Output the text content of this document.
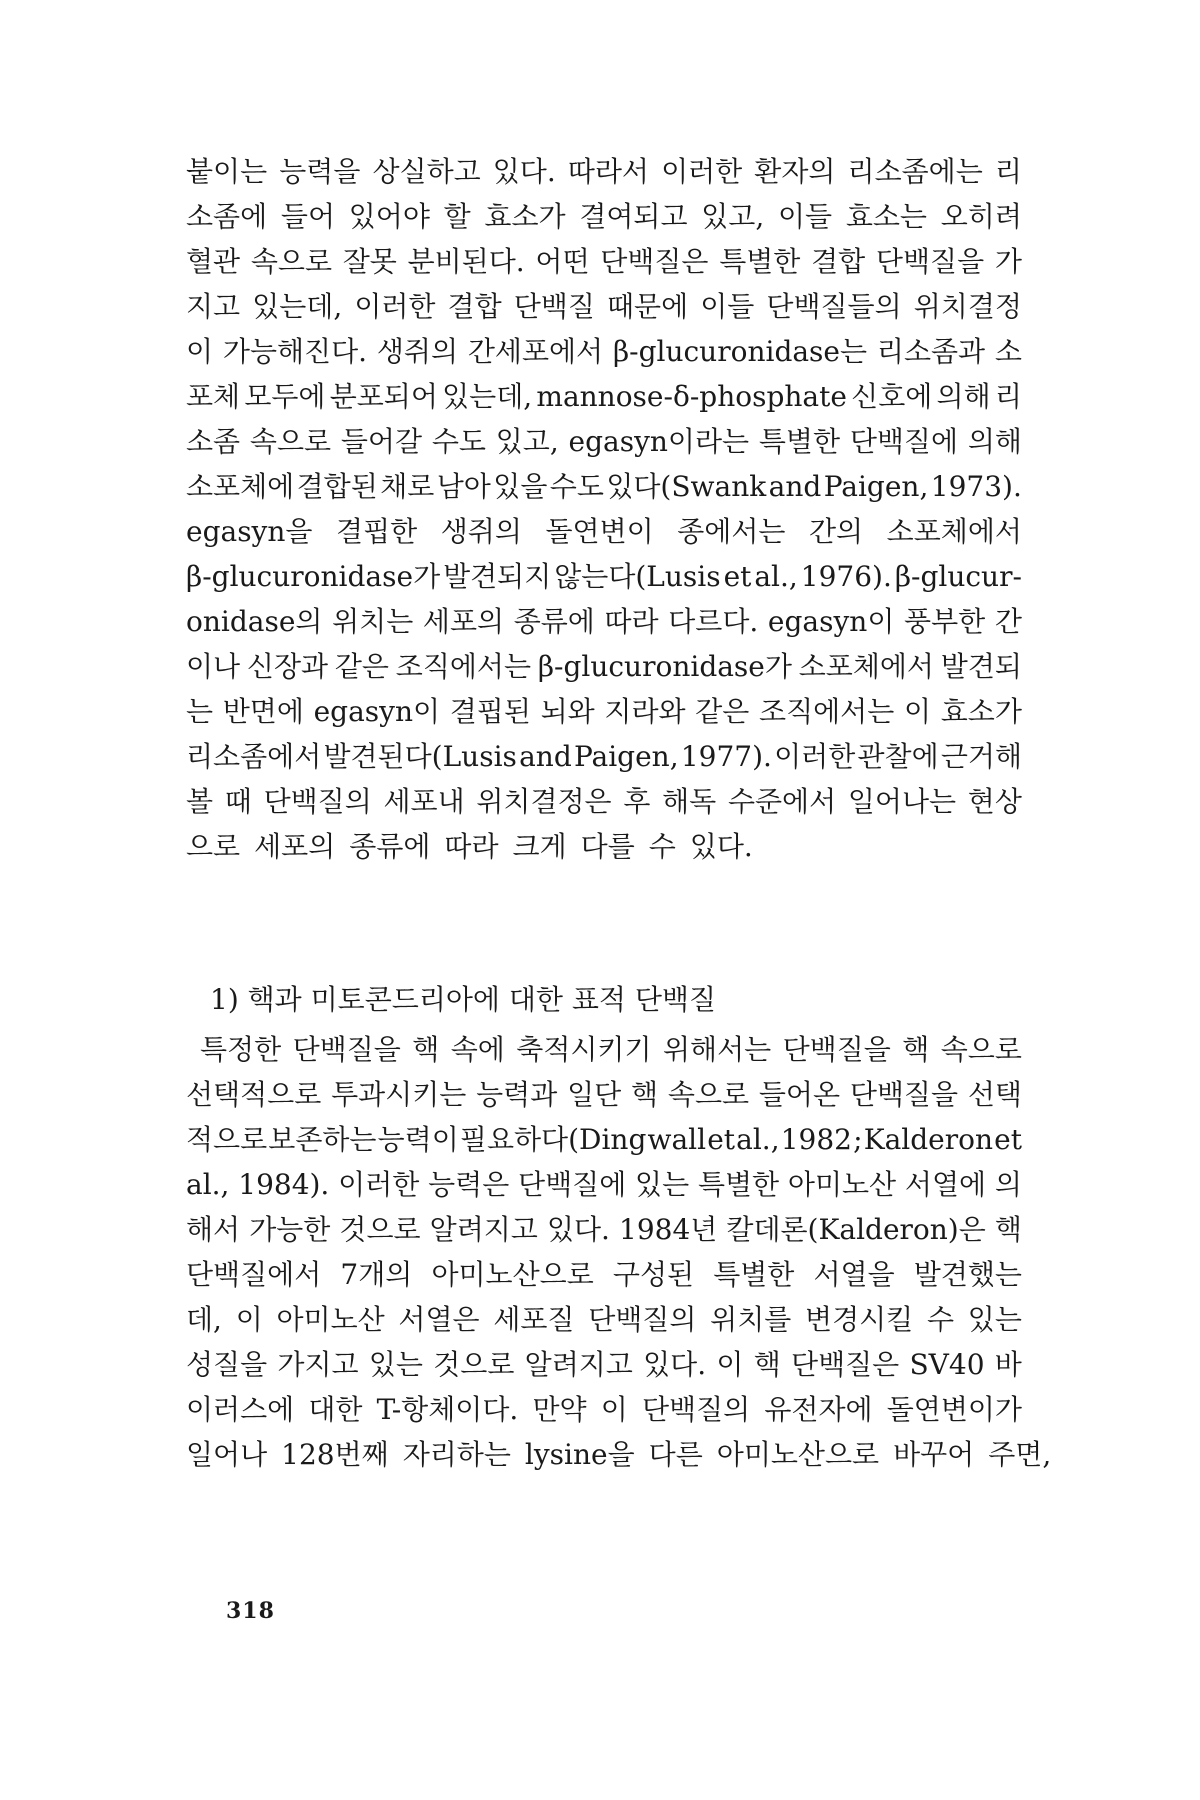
붙이는 능력을 상실하고 있다. 따라서 이러한 환자의 리소좀에는 리
소좀에 들어 있어야 할 효소가 결여되고 있고, 이들 효소는 오히려
혈관 속으로 잘못 분비된다. 어떤 단백질은 특별한 결합 단백질을 가
지고 있는데, 이러한 결합 단백질 때문에 이들 단백질들의 위치결정
이 가능해진다. 생쥐의 간세포에서 β-glucuronidase는 리소좀과 소
포체 모두에 분포되어 있는데, mannose-δ-phosphate 신호에 의해 리
소좀 속으로 들어갈 수도 있고, egasyn이라는 특별한 단백질에 의해
소포체에 결합된 채로 남아 있을 수도 있다(Swank and Paigen, 1973).
egasyn을 결핍한 생쥐의 돌연변이 종에서는 간의 소포체에서
β-glucuronidase가 발견되지 않는다(Lusis et al., 1976). β-glucur-
onidase의 위치는 세포의 종류에 따라 다르다. egasyn이 풍부한 간
이나 신장과 같은 조직에서는 β-glucuronidase가 소포체에서 발견되
는 반면에 egasyn이 결핍된 뇌와 지라와 같은 조직에서는 이 효소가
리소좀에서 발견된다(Lusis and Paigen, 1977). 이러한 관찰에 근거해
볼 때 단백질의 세포내 위치결정은 후 해독 수준에서 일어나는 현상
으로 세포의 종류에 따라 크게 다를 수 있다.
1) 핵과 미토콘드리아에 대한 표적 단백질
특정한 단백질을 핵 속에 축적시키기 위해서는 단백질을 핵 속으로
선택적으로 투과시키는 능력과 일단 핵 속으로 들어온 단백질을 선택
적으로 보존하는 능력이 필요하다(Ding wall et al., 1982 ; Kalderon et
al., 1984). 이러한 능력은 단백질에 있는 특별한 아미노산 서열에 의
해서 가능한 것으로 알려지고 있다. 1984년 칼데론(Kalderon)은 핵
단백질에서 7개의 아미노산으로 구성된 특별한 서열을 발견했는
데, 이 아미노산 서열은 세포질 단백질의 위치를 변경시킬 수 있는
성질을 가지고 있는 것으로 알려지고 있다. 이 핵 단백질은 SV40 바
이러스에 대한 T-항체이다. 만약 이 단백질의 유전자에 돌연변이가
일어나 128번째 자리하는 lysine을 다른 아미노산으로 바꾸어 주면,
318
